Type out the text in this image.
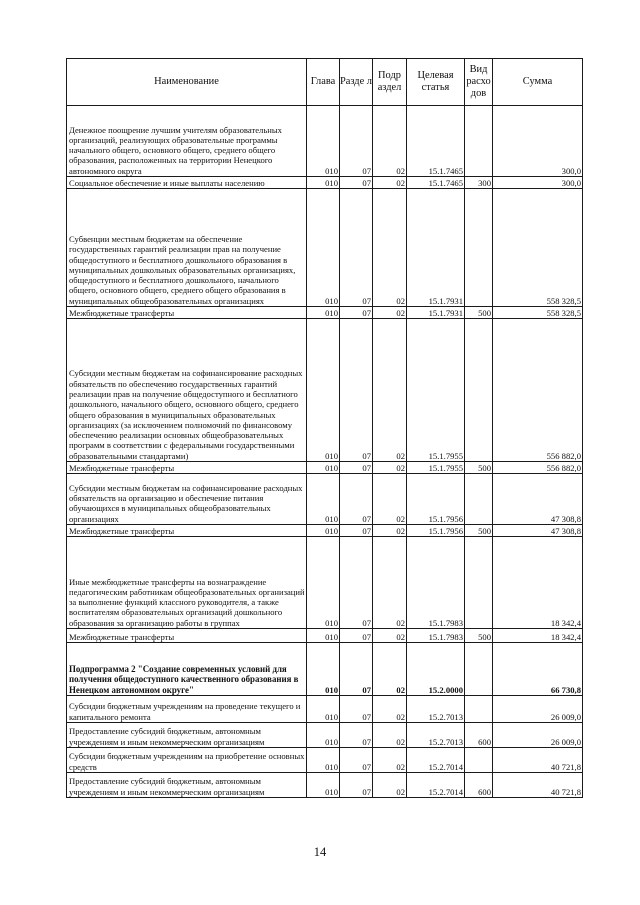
Наименование	Глава	Разде л	Подр аздел	Целевая статья	Вид расхо дов	Сумма
Денежное поощрение лучшим учителям образовательных организаций, реализующих образовательные программы начального общего, основного общего, среднего общего образования, расположенных на территории Ненецкого автономного округа	010	07	02	15.1.7465		300,0
Социальное обеспечение и иные выплаты населению	010	07	02	15.1.7465	300	300,0
Субвенции местным бюджетам на обеспечение государственных гарантий реализации прав на получение общедоступного и бесплатного дошкольного образования в муниципальных дошкольных образовательных организациях, общедоступного и бесплатного дошкольного, начального общего, основного общего, среднего общего образования в муниципальных общеобразовательных организациях	010	07	02	15.1.7931		558 328,5
Межбюджетные трансферты	010	07	02	15.1.7931	500	558 328,5
Субсидии местным бюджетам на софинансирование расходных обязательств по обеспечению государственных гарантий реализации прав на получение общедоступного и бесплатного дошкольного, начального общего, основного общего, среднего общего образования в муниципальных образовательных организациях (за исключением полномочий по финансовому обеспечению реализации основных общеобразовательных программ в соответствии с федеральными государственными образовательными стандартами)	010	07	02	15.1.7955		556 882,0
Межбюджетные трансферты	010	07	02	15.1.7955	500	556 882,0
Субсидии местным бюджетам на софинансирование расходных обязательств на организацию и обеспечение питания обучающихся в муниципальных общеобразовательных организациях	010	07	02	15.1.7956		47 308,8
Межбюджетные трансферты	010	07	02	15.1.7956	500	47 308,8
Иные межбюджетные трансферты на вознаграждение педагогическим работникам общеобразовательных организаций за выполнение функций классного руководителя, а также воспитателям образовательных организаций дошкольного образования за организацию работы в группах	010	07	02	15.1.7983		18 342,4
Межбюджетные трансферты	010	07	02	15.1.7983	500	18 342,4
Подпрограмма 2 "Создание современных условий для получения общедоступного качественного образования в Ненецком автономном округе"	010	07	02	15.2.0000		66 730,8
Субсидии бюджетным учреждениям на проведение текущего и капитального ремонта	010	07	02	15.2.7013		26 009,0
Предоставление субсидий бюджетным, автономным учреждениям и иным некоммерческим организациям	010	07	02	15.2.7013	600	26 009,0
Субсидии бюджетным учреждениям на приобретение основных средств	010	07	02	15.2.7014		40 721,8
Предоставление субсидий бюджетным, автономным учреждениям и иным некоммерческим организациям	010	07	02	15.2.7014	600	40 721,8
14
